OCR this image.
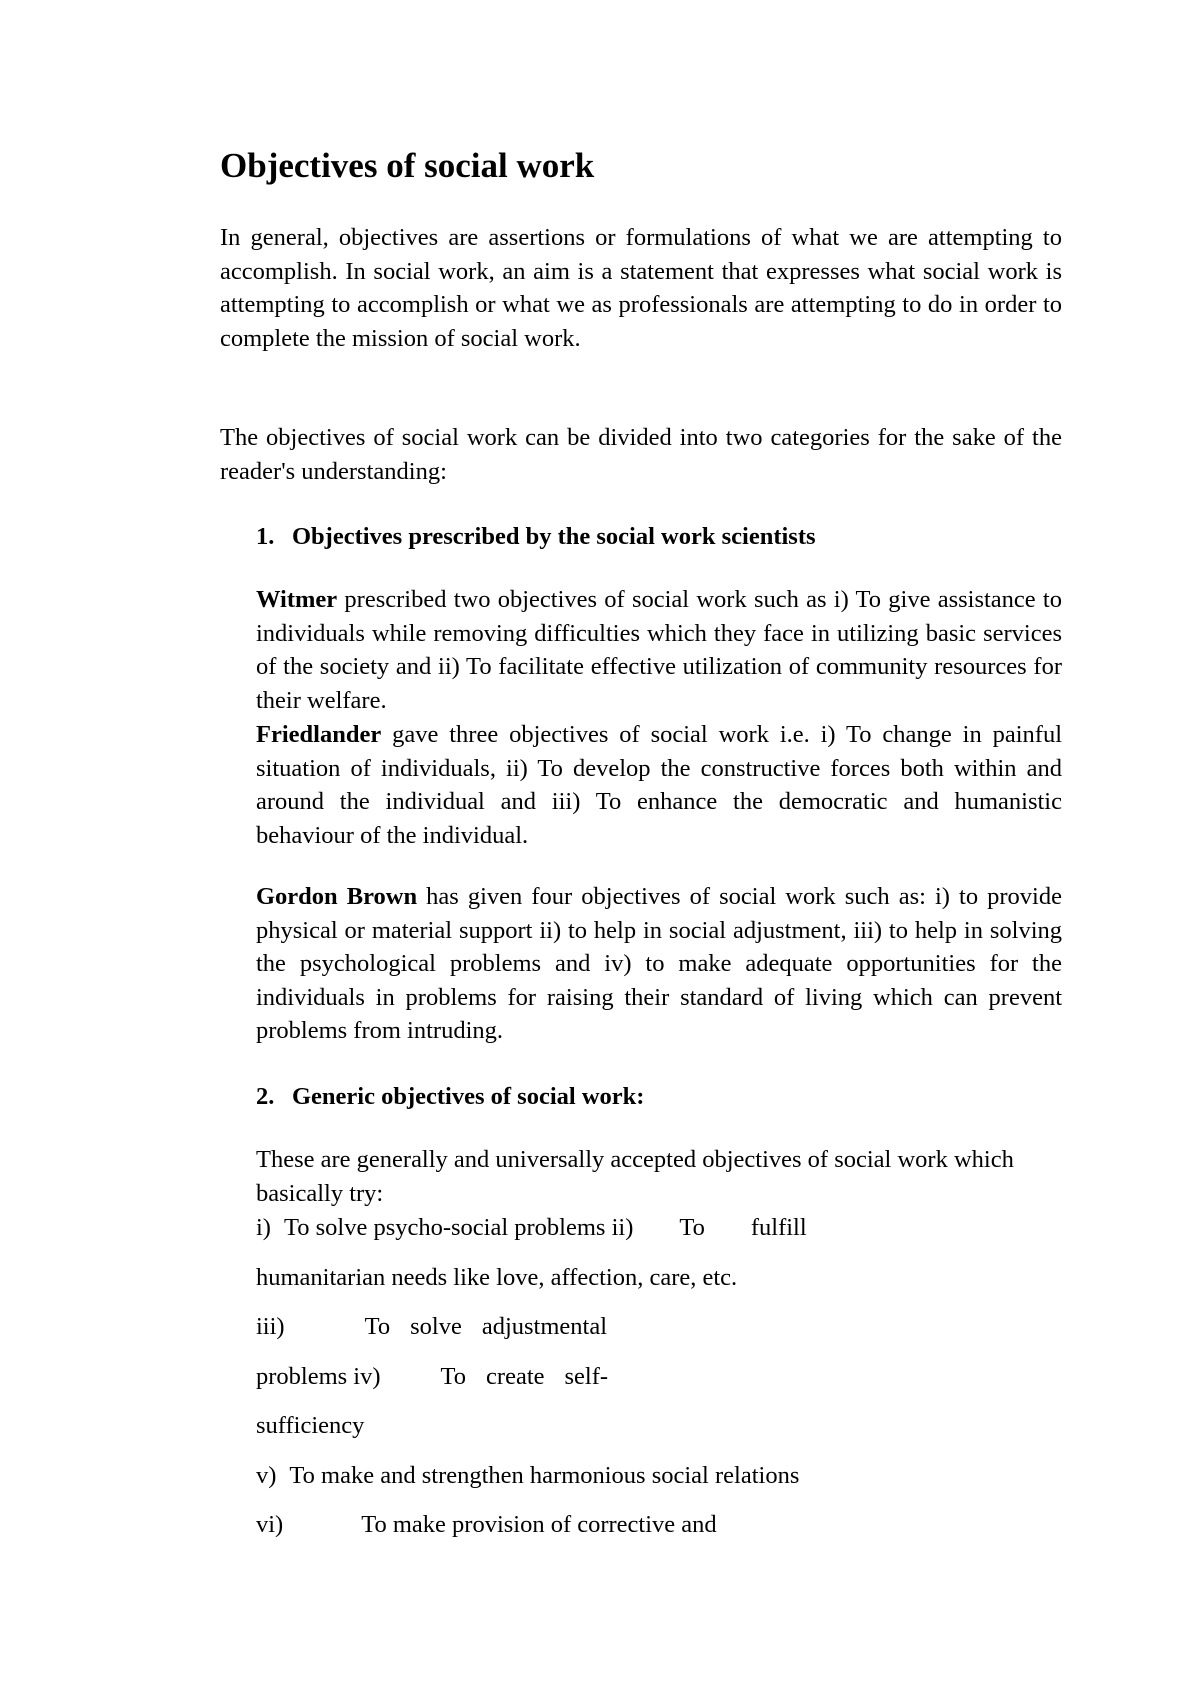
Objectives of social work

In general, objectives are assertions or formulations of what we are attempting to accomplish. In social work, an aim is a statement that expresses what social work is attempting to accomplish or what we as professionals are attempting to do in order to complete the mission of social work.

The objectives of social work can be divided into two categories for the sake of the reader's understanding:

1. Objectives prescribed by the social work scientists

Witmer prescribed two objectives of social work such as i) To give assistance to individuals while removing difficulties which they face in utilizing basic services of the society and ii) To facilitate effective utilization of community resources for their welfare.

Friedlander gave three objectives of social work i.e. i) To change in painful situation of individuals, ii) To develop the constructive forces both within and around the individual and iii) To enhance the democratic and humanistic behaviour of the individual.

Gordon Brown has given four objectives of social work such as: i) to provide physical or material support ii) to help in social adjustment, iii) to help in solving the psychological problems and iv) to make adequate opportunities for the individuals in problems for raising their standard of living which can prevent problems from intruding.

2. Generic objectives of social work:

These are generally and universally accepted objectives of social work which basically try:

i) To solve psycho-social problems ii) To fulfill
humanitarian needs like love, affection, care, etc.
iii)	To solve adjustmental
problems iv) To create self-
sufficiency
v) To make and strengthen harmonious social relations
vi)	To make provision of corrective and
